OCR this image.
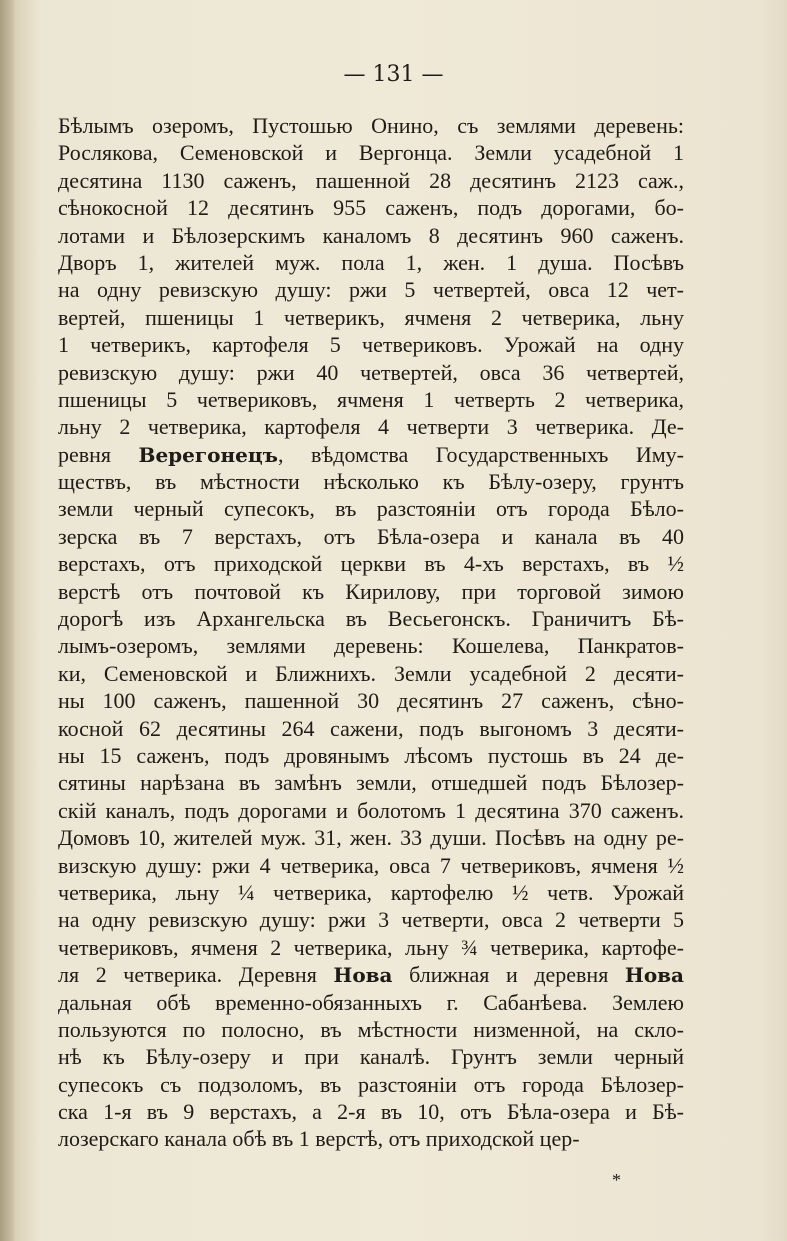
— 131 —
Бѣлымъ озеромъ, Пустошью Онино, съ землями деревень:
Рослякова, Семеновской и Вергонца. Земли усадебной 1
десятина 1130 саженъ, пашенной 28 десятинъ 2123 саж.,
сѣнокосной 12 десятинъ 955 саженъ, подъ дорогами, бо-
лотами и Бѣлозерскимъ каналомъ 8 десятинъ 960 саженъ.
Дворъ 1, жителей муж. пола 1, жен. 1 душа. Посѣвъ
на одну ревизскую душу: ржи 5 четвертей, овса 12 чет-
вертей, пшеницы 1 четверикъ, ячменя 2 четверика, льну
1 четверикъ, картофеля 5 четвериковъ. Урожай на одну
ревизскую душу: ржи 40 четвертей, овса 36 четвертей,
пшеницы 5 четвериковъ, ячменя 1 четверть 2 четверика,
льну 2 четверика, картофеля 4 четверти 3 четверика. Де-
ревня Верегонецъ, вѣдомства Государственныхъ Иму-
ществъ, въ мѣстности нѣсколько къ Бѣлу-озеру, грунтъ
земли черный супесокъ, въ разстояніи отъ города Бѣло-
зерска въ 7 верстахъ, отъ Бѣла-озера и канала въ 40
верстахъ, отъ приходской церкви въ 4-хъ верстахъ, въ ½
верстѣ отъ почтовой къ Кирилову, при торговой зимою
дорогѣ изъ Архангельска въ Весьегонскъ. Граничитъ Бѣ-
лымъ-озеромъ, землями деревень: Кошелева, Панкратов-
ки, Семеновской и Ближнихъ. Земли усадебной 2 десяти-
ны 100 саженъ, пашенной 30 десятинъ 27 саженъ, сѣно-
косной 62 десятины 264 сажени, подъ выгономъ 3 десяти-
ны 15 саженъ, подъ дровянымъ лѣсомъ пустошь въ 24 де-
сятины нарѣзана въ замѣнъ земли, отшедшей подъ Бѣлозер-
скій каналъ, подъ дорогами и болотомъ 1 десятина 370 саженъ.
Домовъ 10, жителей муж. 31, жен. 33 души. Посѣвъ на одну ре-
визскую душу: ржи 4 четверика, овса 7 четвериковъ, ячменя ½
четверика, льну ¼ четверика, картофелю ½ четв. Урожай
на одну ревизскую душу: ржи 3 четверти, овса 2 четверти 5
четвериковъ, ячменя 2 четверика, льну ¾ четверика, картофе-
ля 2 четверика. Деревня Нова ближная и деревня Нова
дальная обѣ временно-обязанныхъ г. Сабанѣева. Землею
пользуются по полосно, въ мѣстности низменной, на скло-
нѣ къ Бѣлу-озеру и при каналѣ. Грунтъ земли черный
супесокъ съ подзоломъ, въ разстояніи отъ города Бѣлозер-
ска 1-я въ 9 верстахъ, а 2-я въ 10, отъ Бѣла-озера и Бѣ-
лозерскаго канала обѣ въ 1 верстѣ, отъ приходской цер-
*
